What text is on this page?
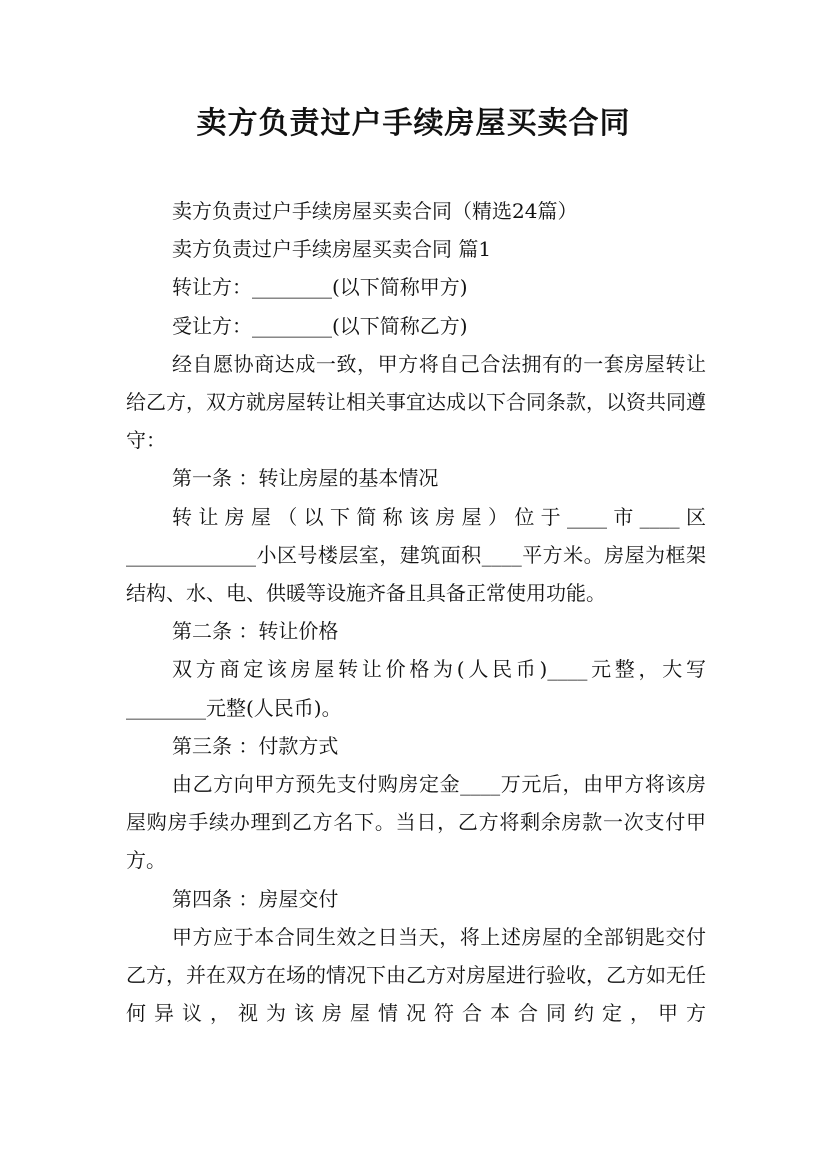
卖方负责过户手续房屋买卖合同

卖方负责过户手续房屋买卖合同（精选24篇）

卖方负责过户手续房屋买卖合同 篇1

转让方：________(以下简称甲方)

受让方：________(以下简称乙方)

经自愿协商达成一致，甲方将自己合法拥有的一套房屋转让给乙方，双方就房屋转让相关事宜达成以下合同条款，以资共同遵守：

第一条 ：转让房屋的基本情况

转让房屋（以下简称该房屋）位于____市____区_____________小区号楼层室，建筑面积____平方米。房屋为框架结构、水、电、供暖等设施齐备且具备正常使用功能。

第二条 ：转让价格

双方商定该房屋转让价格为(人民币)____元整，大写________元整(人民币)。

第三条 ：付款方式

由乙方向甲方预先支付购房定金____万元后，由甲方将该房屋购房手续办理到乙方名下。当日，乙方将剩余房款一次支付甲方。

第四条 ：房屋交付

甲方应于本合同生效之日当天，将上述房屋的全部钥匙交付乙方，并在双方在场的情况下由乙方对房屋进行验收，乙方如无任何异议，视为该房屋情况符合本合同约定，甲方
